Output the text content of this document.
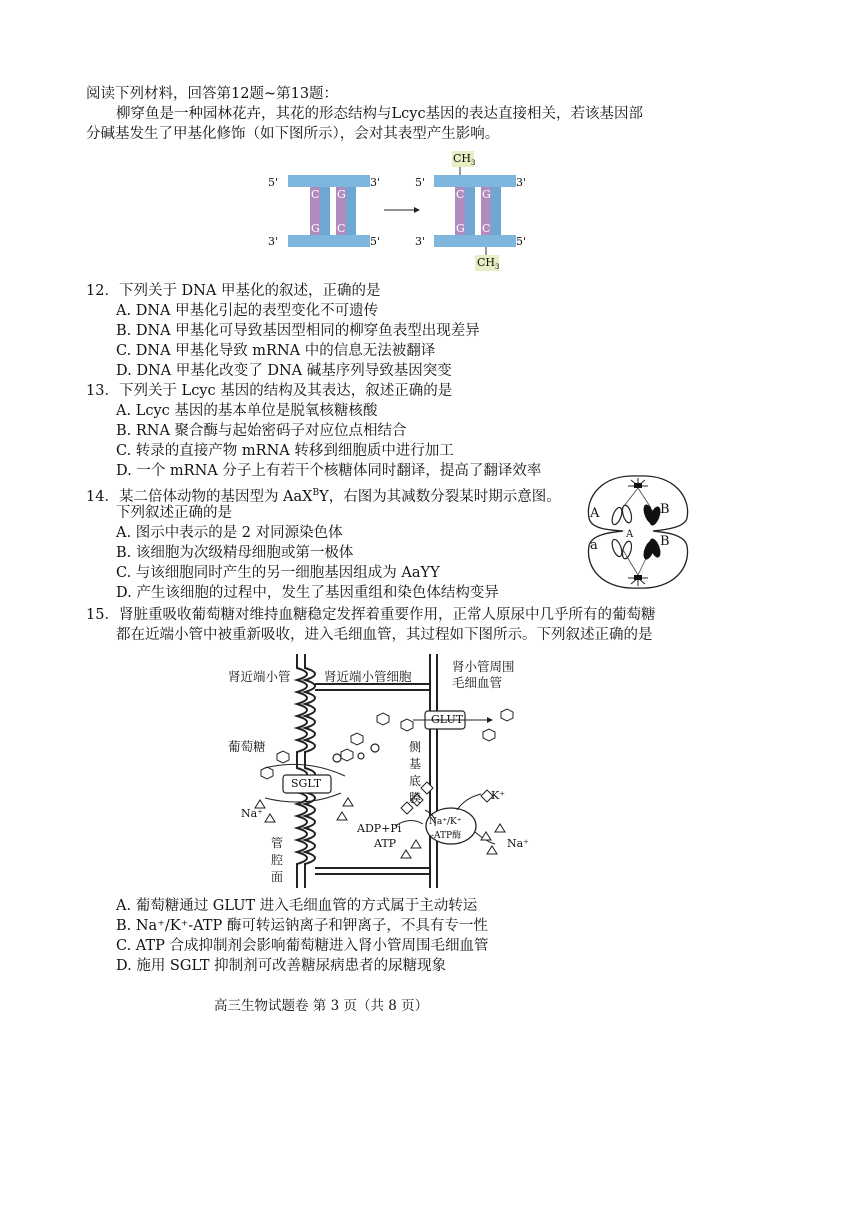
阅读下列材料，回答第12题~第13题：
柳穿鱼是一种园林花卉，其花的形态结构与Lcyc基因的表达直接相关，若该基因部
分碱基发生了甲基化修饰（如下图所示），会对其表型产生影响。
5'	3'
3'	5'
5'	3'
3'	5'
C
G
G
C
C
G
G
C
$CH_3$
$CH_3$
12．下列关于 DNA 甲基化的叙述，正确的是
A. DNA 甲基化引起的表型变化不可遗传
B. DNA 甲基化可导致基因型相同的柳穿鱼表型出现差异
C. DNA 甲基化导致 mRNA 中的信息无法被翻译
D. DNA 甲基化改变了 DNA 碱基序列导致基因突变
13．下列关于 Lcyc 基因的结构及其表达，叙述正确的是
A. Lcyc 基因的基本单位是脱氧核糖核酸
B. RNA 聚合酶与起始密码子对应位点相结合
C. 转录的直接产物 mRNA 转移到细胞质中进行加工
D. 一个 mRNA 分子上有若干个核糖体同时翻译，提高了翻译效率
14．某二倍体动物的基因型为 AaX$^B$Y，右图为其减数分裂某时期示意图。
下列叙述正确的是
A. 图示中表示的是 2 对同源染色体
B. 该细胞为次级精母细胞或第一极体
C. 与该细胞同时产生的另一细胞基因组成为 AaYY
D. 产生该细胞的过程中，发生了基因重组和染色体结构变异
A	B
a
A B
15．肾脏重吸收葡萄糖对维持血糖稳定发挥着重要作用，正常人原尿中几乎所有的葡萄糖
都在近端小管中被重新吸收，进入毛细血管，其过程如下图所示。下列叙述正确的是
肾近端小管	肾近端小管细胞
肾小管周围
毛细血管
葡萄糖
GLUT
SGLT
Na⁺
K⁺
Na⁺/K⁺
-ATP酶
ADP+Pi
ATP	Na⁺
侧
基
底
膜
管
腔
面
A. 葡萄糖通过 GLUT 进入毛细血管的方式属于主动转运
B. Na⁺/K⁺-ATP 酶可转运钠离子和钾离子，不具有专一性
C. ATP 合成抑制剂会影响葡萄糖进入肾小管周围毛细血管
D. 施用 SGLT 抑制剂可改善糖尿病患者的尿糖现象
高三生物试题卷 第 3 页（共 8 页）
